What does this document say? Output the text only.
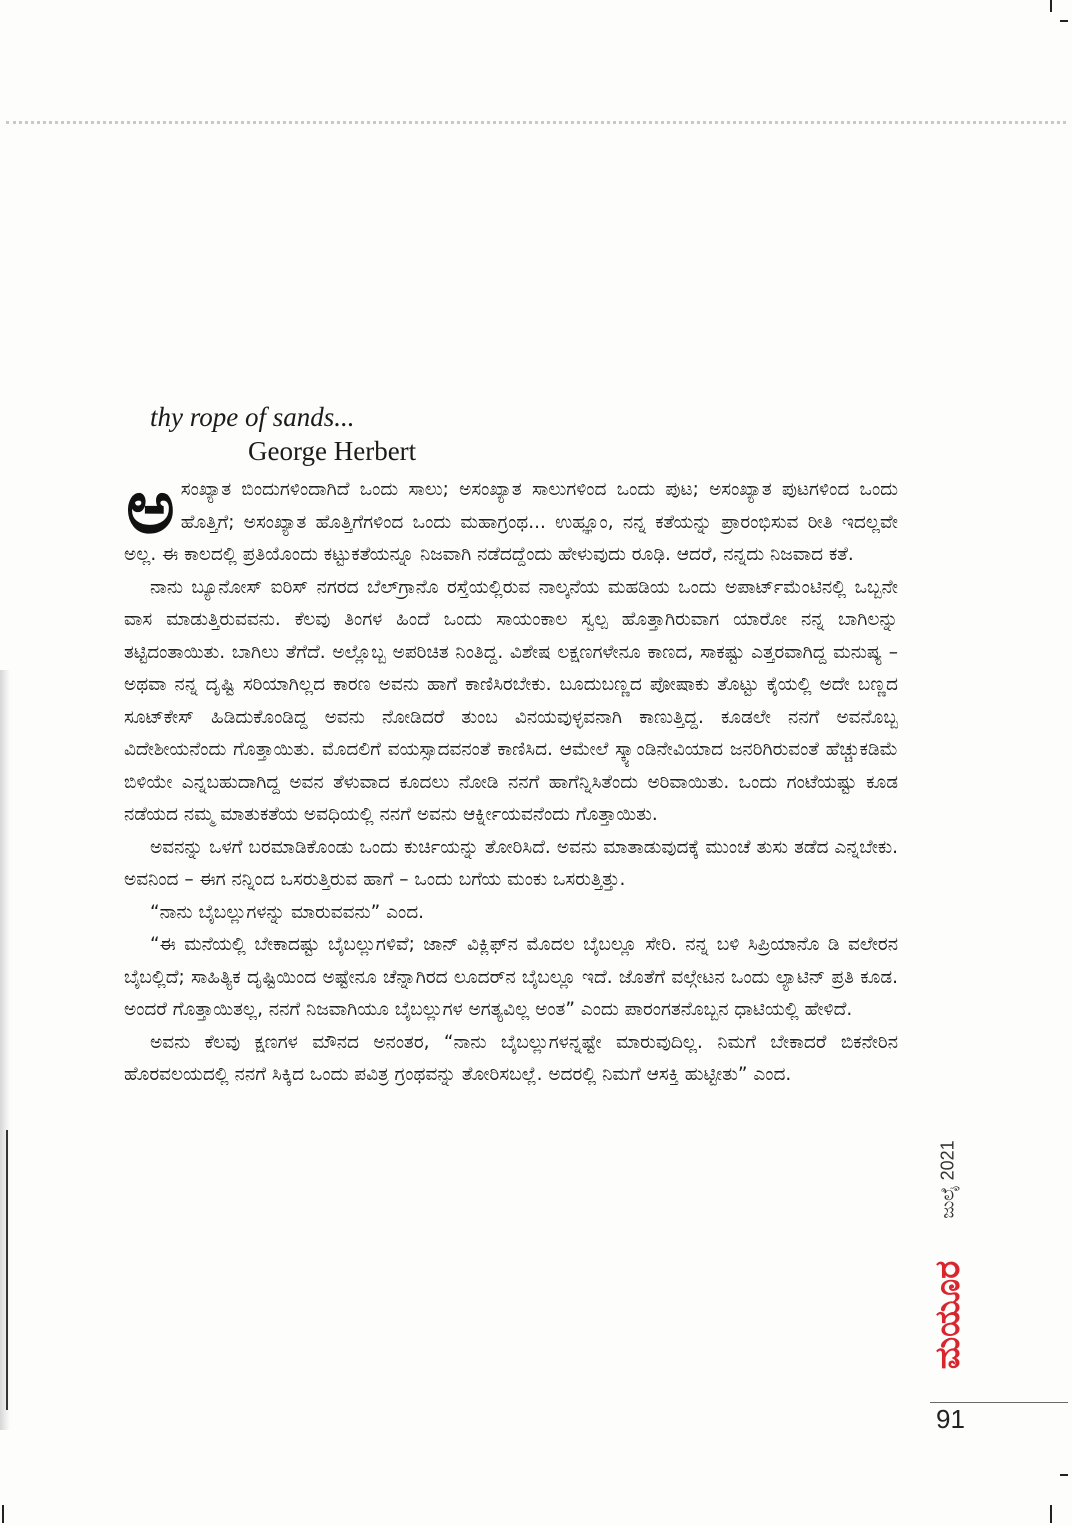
thy rope of sands...
George Herbert

ಅಸಂಖ್ಯಾತ ಬಿಂದುಗಳಿಂದಾಗಿದೆ ಒಂದು ಸಾಲು; ಅಸಂಖ್ಯಾತ ಸಾಲುಗಳಿಂದ ಒಂದು ಪುಟ; ಅಸಂಖ್ಯಾತ ಪುಟಗಳಿಂದ ಒಂದು ಹೊತ್ತಿಗೆ; ಅಸಂಖ್ಯಾತ ಹೊತ್ತಿಗೆಗಳಿಂದ ಒಂದು ಮಹಾಗ್ರಂಥ... ಉಹ್ಞೂಂ, ನನ್ನ ಕತೆಯನ್ನು ಪ್ರಾರಂಭಿಸುವ ರೀತಿ ಇದಲ್ಲವೇ ಅಲ್ಲ. ಈ ಕಾಲದಲ್ಲಿ ಪ್ರತಿಯೊಂದು ಕಟ್ಟುಕತೆಯನ್ನೂ ನಿಜವಾಗಿ ನಡೆದದ್ದೆಂದು ಹೇಳುವುದು ರೂಢಿ. ಆದರೆ, ನನ್ನದು ನಿಜವಾದ ಕತೆ.

ನಾನು ಬ್ಯೂನೋಸ್ ಐರಿಸ್ ನಗರದ ಬೆಲ್‌ಗ್ರಾನೊ ರಸ್ತೆಯಲ್ಲಿರುವ ನಾಲ್ಕನೆಯ ಮಹಡಿಯ ಒಂದು ಅಪಾರ್ಟ್‌ಮೆಂಟಿನಲ್ಲಿ ಒಬ್ಬನೇ ವಾಸ ಮಾಡುತ್ತಿರುವವನು. ಕೆಲವು ತಿಂಗಳ ಹಿಂದೆ ಒಂದು ಸಾಯಂಕಾಲ ಸ್ವಲ್ಪ ಹೊತ್ತಾಗಿರುವಾಗ ಯಾರೋ ನನ್ನ ಬಾಗಿಲನ್ನು ತಟ್ಟಿದಂತಾಯಿತು. ಬಾಗಿಲು ತೆಗೆದೆ. ಅಲ್ಲೊಬ್ಬ ಅಪರಿಚಿತ ನಿಂತಿದ್ದ. ವಿಶೇಷ ಲಕ್ಷಣಗಳೇನೂ ಕಾಣದ, ಸಾಕಷ್ಟು ಎತ್ತರವಾಗಿದ್ದ ಮನುಷ್ಯ – ಅಥವಾ ನನ್ನ ದೃಷ್ಟಿ ಸರಿಯಾಗಿಲ್ಲದ ಕಾರಣ ಅವನು ಹಾಗೆ ಕಾಣಿಸಿರಬೇಕು. ಬೂದುಬಣ್ಣದ ಪೋಷಾಕು ತೊಟ್ಟು ಕೈಯಲ್ಲಿ ಅದೇ ಬಣ್ಣದ ಸೂಟ್‌ಕೇಸ್ ಹಿಡಿದುಕೊಂಡಿದ್ದ ಅವನು ನೋಡಿದರೆ ತುಂಬ ವಿನಯವುಳ್ಳವನಾಗಿ ಕಾಣುತ್ತಿದ್ದ. ಕೂಡಲೇ ನನಗೆ ಅವನೊಬ್ಬ ವಿದೇಶೀಯನೆಂದು ಗೊತ್ತಾಯಿತು. ಮೊದಲಿಗೆ ವಯಸ್ಸಾದವನಂತೆ ಕಾಣಿಸಿದ. ಆಮೇಲೆ ಸ್ಕ್ಯಾಂಡಿನೇವಿಯಾದ ಜನರಿಗಿರುವಂತೆ ಹೆಚ್ಚುಕಡಿಮೆ ಬಿಳಿಯೇ ಎನ್ನಬಹುದಾಗಿದ್ದ ಅವನ ತೆಳುವಾದ ಕೂದಲು ನೋಡಿ ನನಗೆ ಹಾಗೆನ್ನಿಸಿತೆಂದು ಅರಿವಾಯಿತು. ಒಂದು ಗಂಟೆಯಷ್ಟು ಕೂಡ ನಡೆಯದ ನಮ್ಮ ಮಾತುಕತೆಯ ಅವಧಿಯಲ್ಲಿ ನನಗೆ ಅವನು ಆರ್ಕ್ನೀಯವನೆಂದು ಗೊತ್ತಾಯಿತು.

ಅವನನ್ನು ಒಳಗೆ ಬರಮಾಡಿಕೊಂಡು ಒಂದು ಕುರ್ಚಿಯನ್ನು ತೋರಿಸಿದೆ. ಅವನು ಮಾತಾಡುವುದಕ್ಕೆ ಮುಂಚೆ ತುಸು ತಡೆದ ಎನ್ನಬೇಕು. ಅವನಿಂದ – ಈಗ ನನ್ನಿಂದ ಒಸರುತ್ತಿರುವ ಹಾಗೆ – ಒಂದು ಬಗೆಯ ಮಂಕು ಒಸರುತ್ತಿತ್ತು.

“ನಾನು ಬೈಬಲ್ಲುಗಳನ್ನು ಮಾರುವವನು” ಎಂದ.

“ಈ ಮನೆಯಲ್ಲಿ ಬೇಕಾದಷ್ಟು ಬೈಬಲ್ಲುಗಳಿವೆ; ಜಾನ್ ವಿಕ್ಲಿಫ್‌ನ ಮೊದಲ ಬೈಬಲ್ಲೂ ಸೇರಿ. ನನ್ನ ಬಳಿ ಸಿಪ್ರಿಯಾನೊ ಡಿ ವಲೇರನ ಬೈಬಲ್ಲಿದೆ; ಸಾಹಿತ್ಯಿಕ ದೃಷ್ಟಿಯಿಂದ ಅಷ್ಟೇನೂ ಚೆನ್ನಾಗಿರದ ಲೂದರ್‌ನ ಬೈಬಲ್ಲೂ ಇದೆ. ಜೊತೆಗೆ ವಲ್ಗೇಟನ ಒಂದು ಲ್ಯಾಟಿನ್ ಪ್ರತಿ ಕೂಡ. ಅಂದರೆ ಗೊತ್ತಾಯಿತಲ್ಲ, ನನಗೆ ನಿಜವಾಗಿಯೂ ಬೈಬಲ್ಲುಗಳ ಅಗತ್ಯವಿಲ್ಲ ಅಂತ” ಎಂದು ಪಾರಂಗತನೊಬ್ಬನ ಧಾಟಿಯಲ್ಲಿ ಹೇಳಿದೆ.

ಅವನು ಕೆಲವು ಕ್ಷಣಗಳ ಮೌನದ ಅನಂತರ, “ನಾನು ಬೈಬಲ್ಲುಗಳನ್ನಷ್ಟೇ ಮಾರುವುದಿಲ್ಲ. ನಿಮಗೆ ಬೇಕಾದರೆ ಬಿಕನೇರಿನ ಹೊರವಲಯದಲ್ಲಿ ನನಗೆ ಸಿಕ್ಕಿದ ಒಂದು ಪವಿತ್ರ ಗ್ರಂಥವನ್ನು ತೋರಿಸಬಲ್ಲೆ. ಅದರಲ್ಲಿ ನಿಮಗೆ ಆಸಕ್ತಿ ಹುಟ್ಟೀತು” ಎಂದ.

ಜುಲೈ 2021
ಮಯೂರ
91
